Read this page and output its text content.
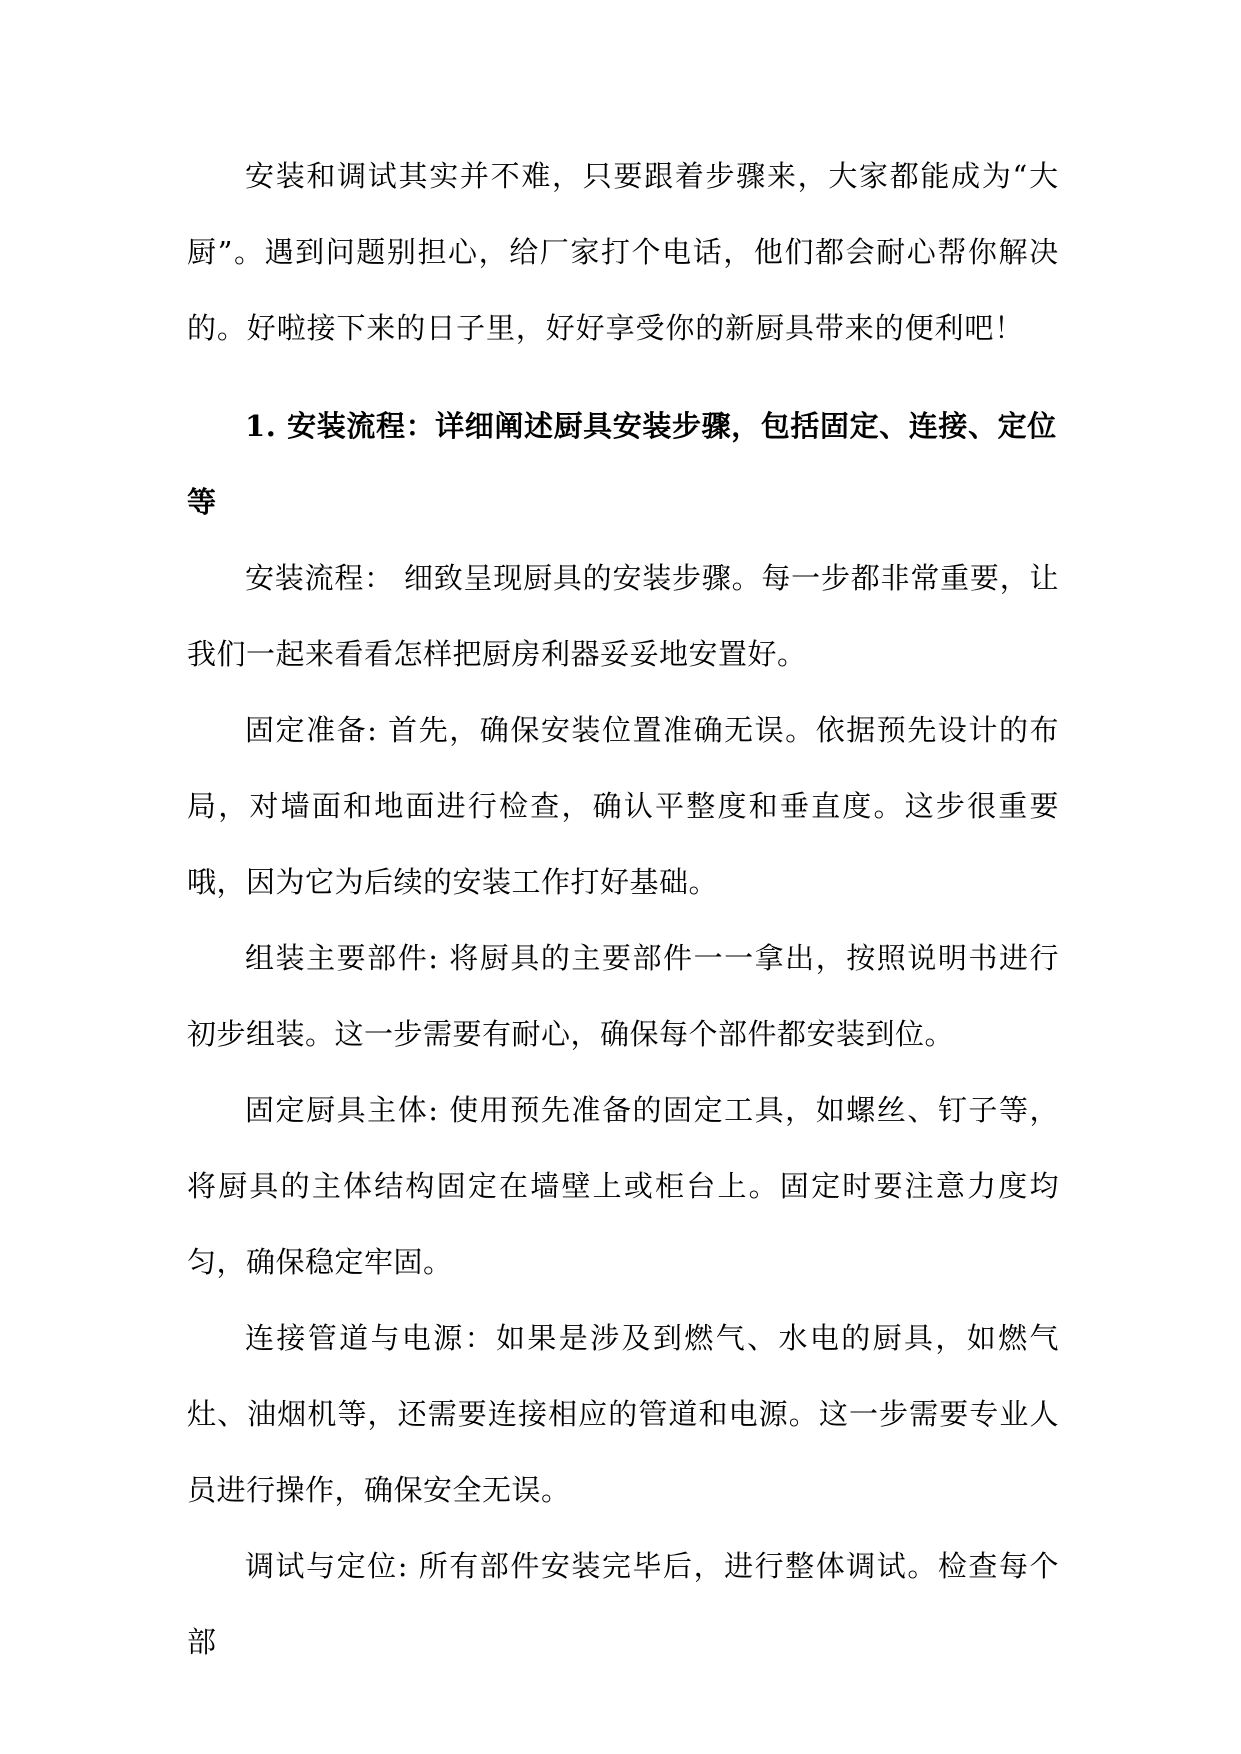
安装和调试其实并不难，只要跟着步骤来，大家都能成为“大厨”。遇到问题别担心，给厂家打个电话，他们都会耐心帮你解决的。好啦接下来的日子里，好好享受你的新厨具带来的便利吧！

1. 安装流程：详细阐述厨具安装步骤，包括固定、连接、定位等

安装流程： 细致呈现厨具的安装步骤。每一步都非常重要，让我们一起来看看怎样把厨房利器妥妥地安置好。

固定准备: 首先，确保安装位置准确无误。依据预先设计的布局，对墙面和地面进行检查，确认平整度和垂直度。这步很重要哦，因为它为后续的安装工作打好基础。

组装主要部件: 将厨具的主要部件一一拿出，按照说明书进行初步组装。这一步需要有耐心，确保每个部件都安装到位。

固定厨具主体: 使用预先准备的固定工具，如螺丝、钉子等，将厨具的主体结构固定在墙壁上或柜台上。固定时要注意力度均匀，确保稳定牢固。

连接管道与电源：如果是涉及到燃气、水电的厨具，如燃气灶、油烟机等，还需要连接相应的管道和电源。这一步需要专业人员进行操作，确保安全无误。

调试与定位: 所有部件安装完毕后，进行整体调试。检查每个部
